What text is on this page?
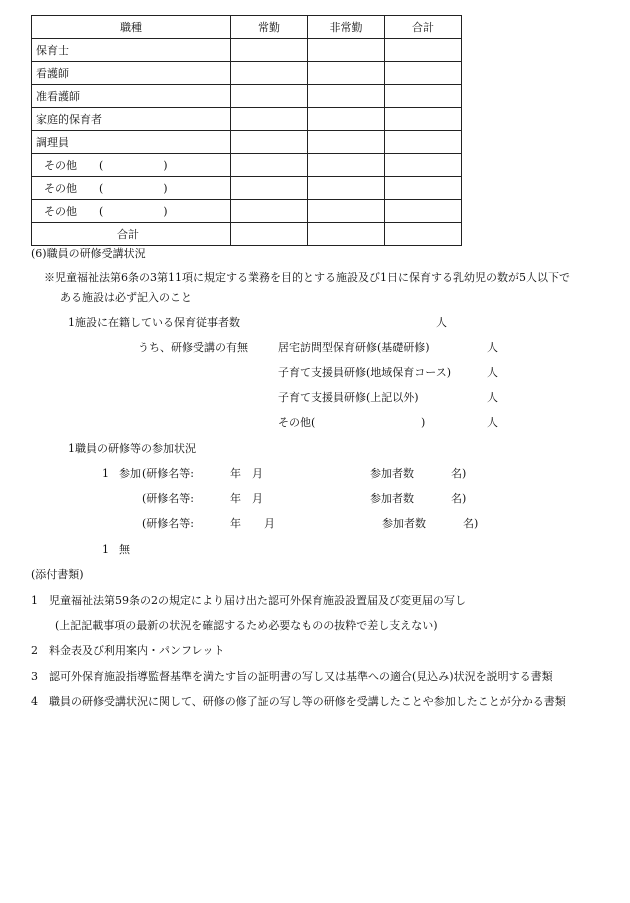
職種	常勤	非常勤	合計
保育士			
看護師			
准看護師			
家庭的保育者			
調理員			

その他 ( )			

その他 ( )			

その他 ( )			

合計			
(6)職員の研修受講状況
※児童福祉法第6条の3第11項に規定する業務を目的とする施設及び1日に保育する乳幼児の数が5人以下で
ある施設は必ず記入のこと
1施設に在籍している保育従事者数	人
うち、研修受講の有無	居宅訪問型保育研修(基礎研修)	人
子育て支援員研修(地域保育コース)	人
子育て支援員研修(上記以外)	人
その他(	)	人
1職員の研修等の参加状況
1 参加 (研修名等:	年 月	参加者数	名)
(研修名等:	年 月	参加者数	名)
(研修名等:	年 月	参加者数	名)
1 無
(添付書類)
1 児童福祉法第59条の2の規定により届け出た認可外保育施設設置届及び変更届の写し
(上記記載事項の最新の状況を確認するため必要なものの抜粋で差し支えない)
2 料金表及び利用案内・パンフレット
3 認可外保育施設指導監督基準を満たす旨の証明書の写し又は基準への適合(見込み)状況を説明する書類
4 職員の研修受講状況に関して、研修の修了証の写し等の研修を受講したことや参加したことが分かる書類
